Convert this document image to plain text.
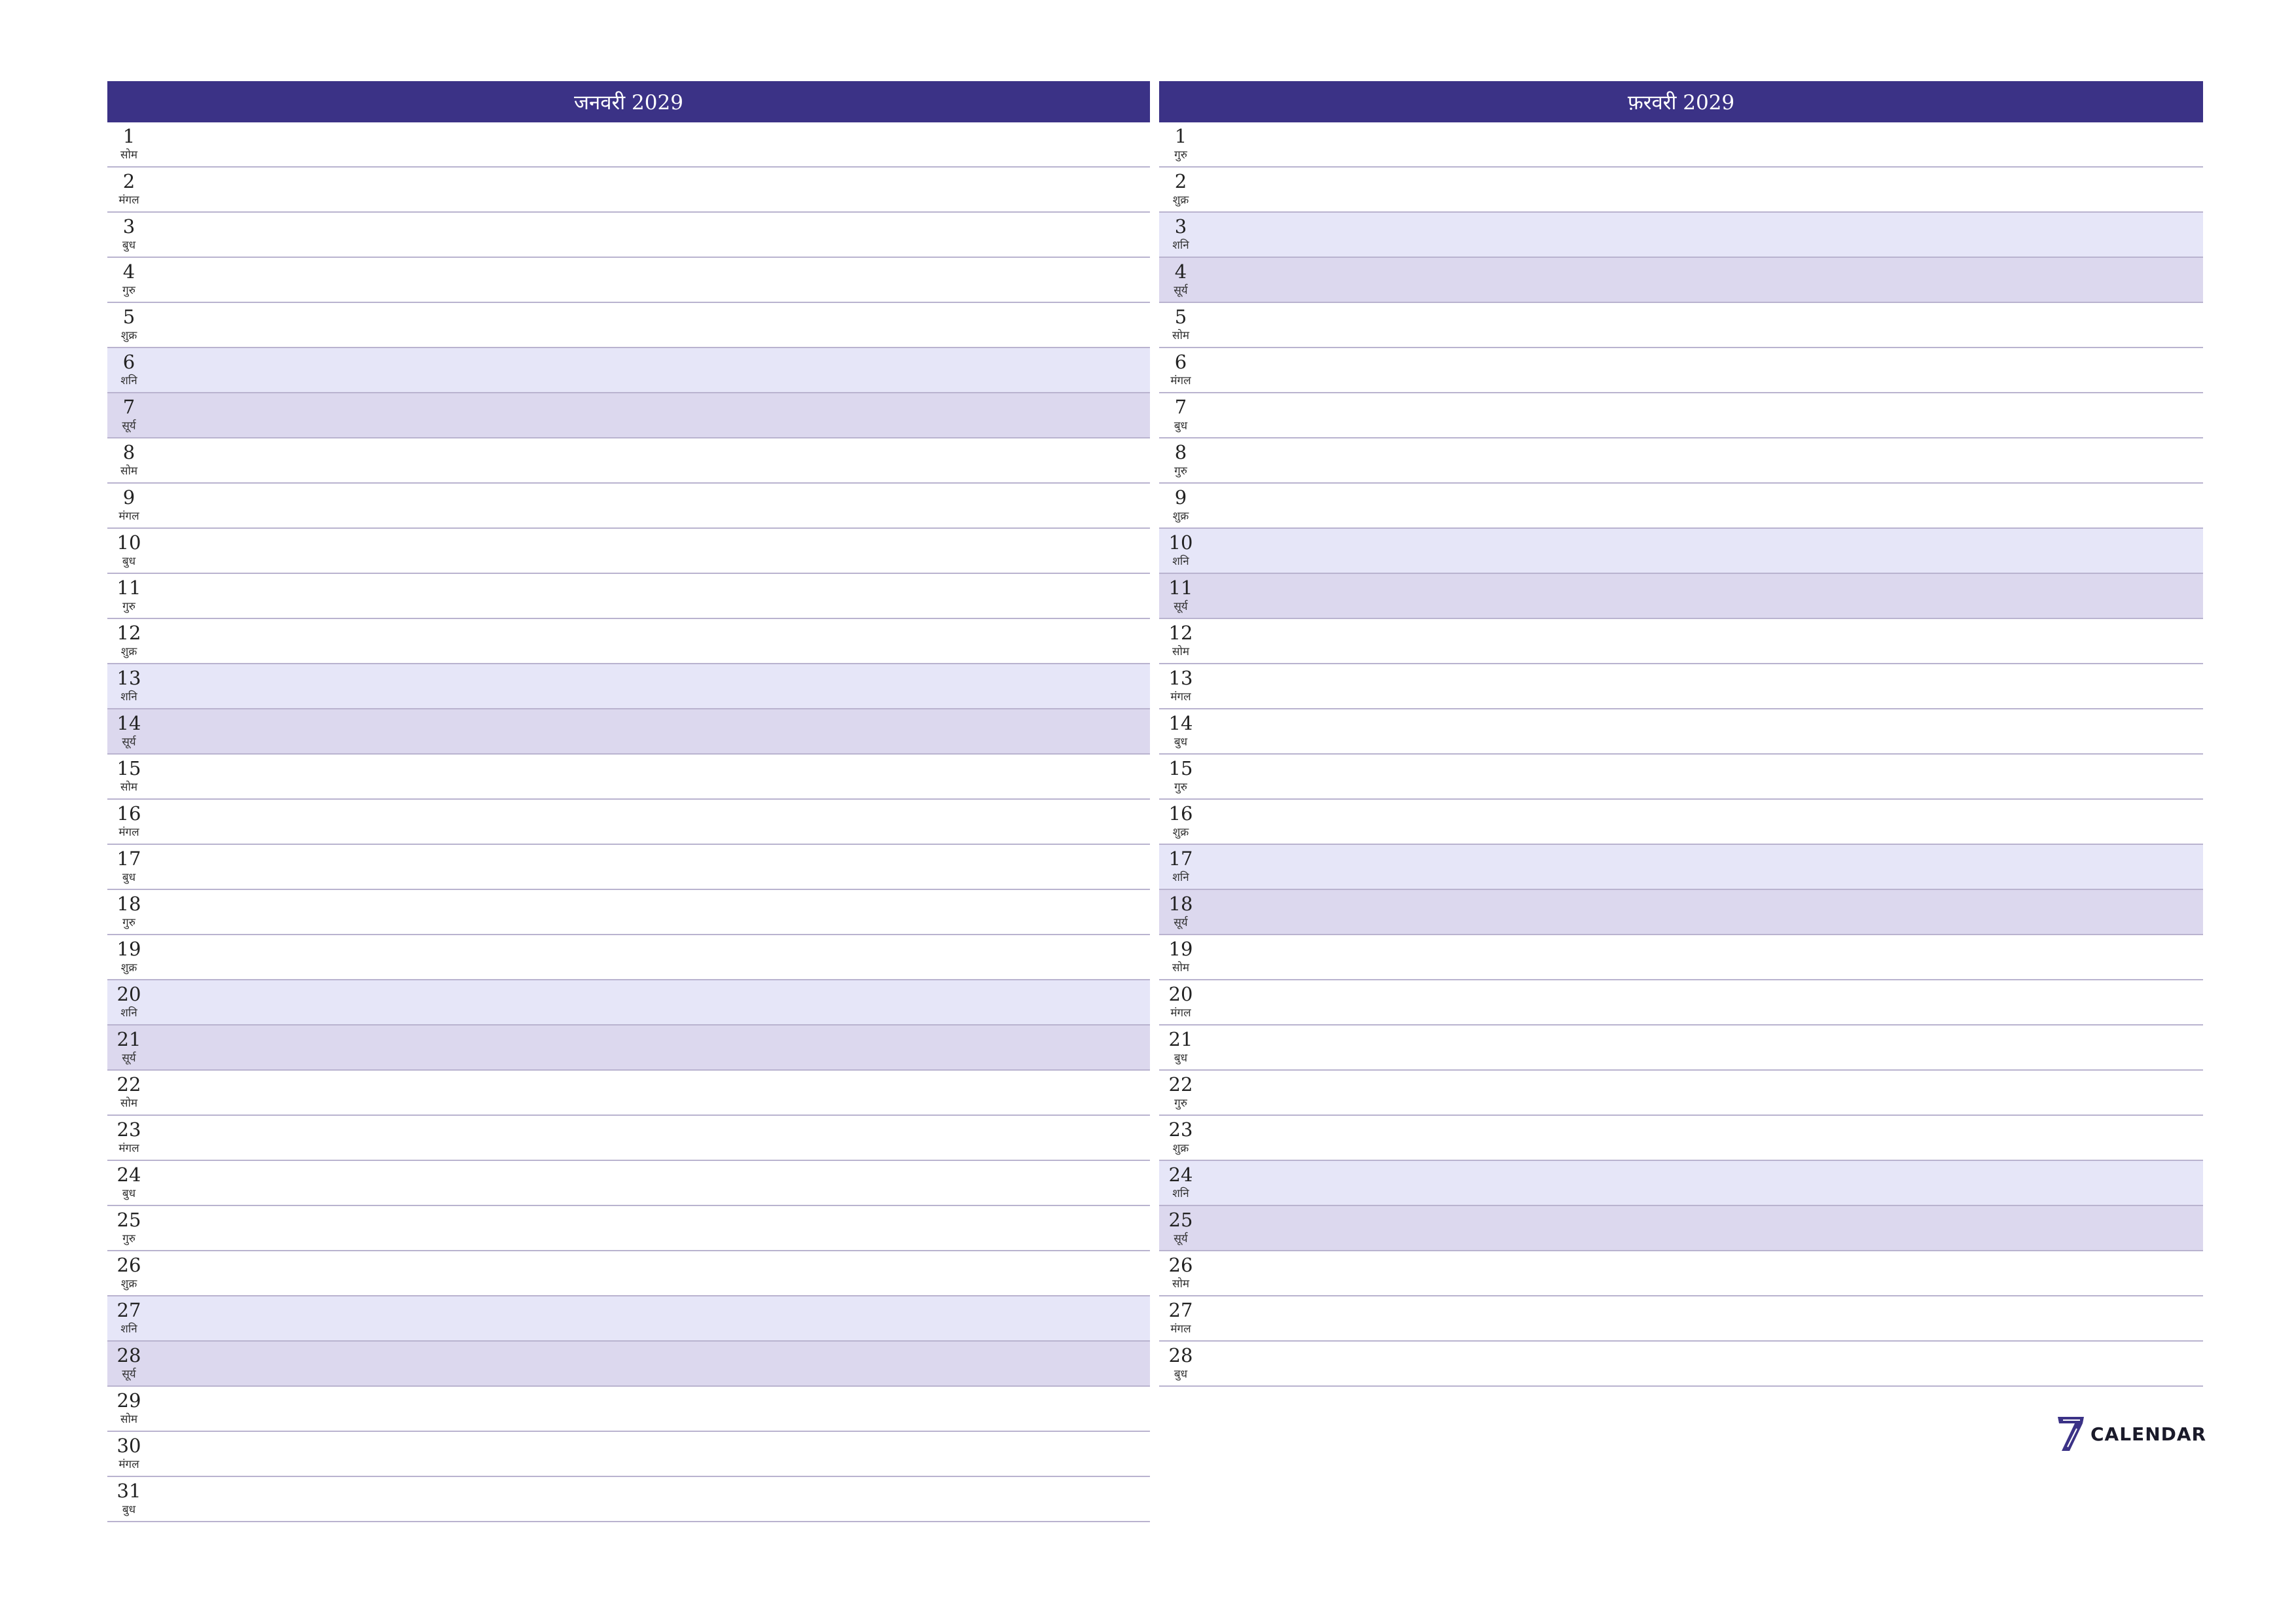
जनवरी 2029
1
सोम
2
मंगल
3
बुध
4
गुरु
5
शुक्र
6
शनि
7
सूर्य
8
सोम
9
मंगल
10
बुध
11
गुरु
12
शुक्र
13
शनि
14
सूर्य
15
सोम
16
मंगल
17
बुध
18
गुरु
19
शुक्र
20
शनि
21
सूर्य
22
सोम
23
मंगल
24
बुध
25
गुरु
26
शुक्र
27
शनि
28
सूर्य
29
सोम
30
मंगल
31
बुध
फ़रवरी 2029
1
गुरु
2
शुक्र
3
शनि
4
सूर्य
5
सोम
6
मंगल
7
बुध
8
गुरु
9
शुक्र
10
शनि
11
सूर्य
12
सोम
13
मंगल
14
बुध
15
गुरु
16
शुक्र
17
शनि
18
सूर्य
19
सोम
20
मंगल
21
बुध
22
गुरु
23
शुक्र
24
शनि
25
सूर्य
26
सोम
27
मंगल
28
बुध
CALENDAR
